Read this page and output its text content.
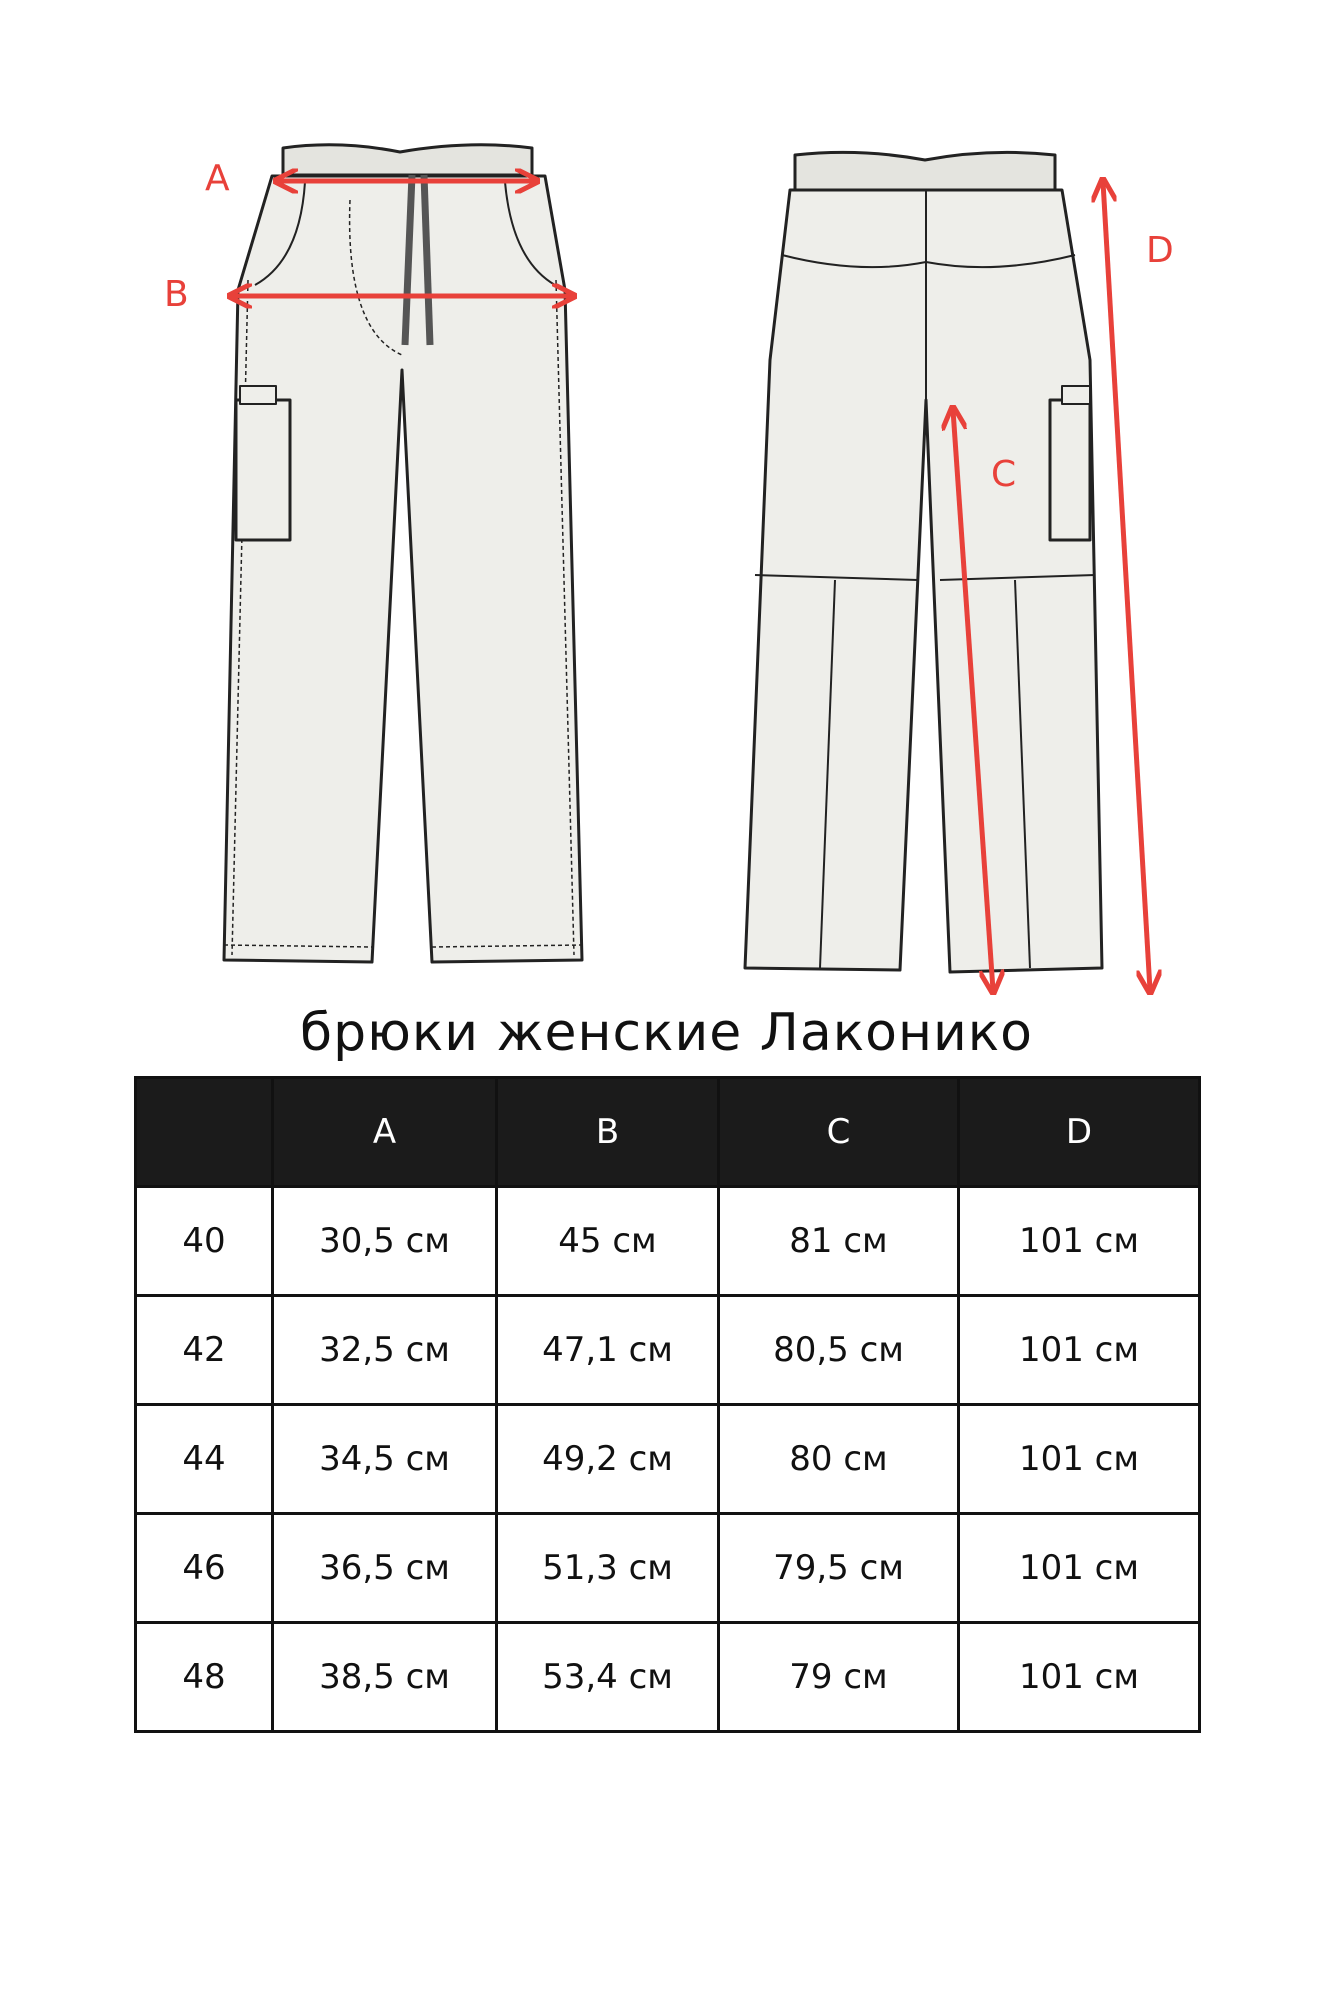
A
B
C
D
брюки женские Лаконико
	A	B	C	D
40	30,5 см	45 см	81 см	101 см
42	32,5 см	47,1 см	80,5 см	101 см
44	34,5 см	49,2 см	80 см	101 см
46	36,5 см	51,3 см	79,5 см	101 см
48	38,5 см	53,4 см	79 см	101 см
